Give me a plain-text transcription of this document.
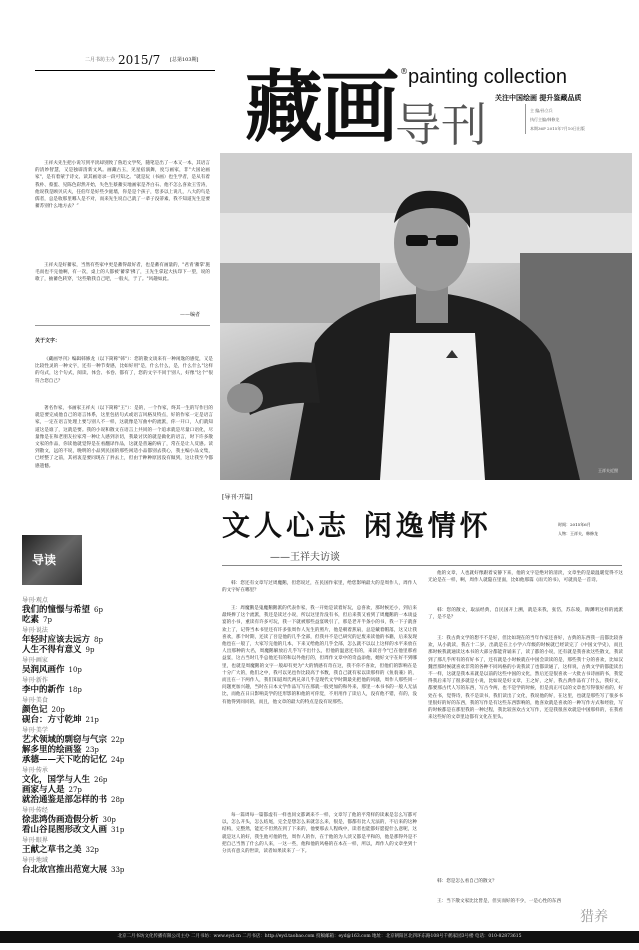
二月书坊主办 2015/7 [总第103期]
藏画 ®
导刊
painting collection
关注中国绘画 提升鉴藏品质
主 编/孙立兵
执行主编/韩修龙
本期36P 2015年7月10日出版
王祥夫先生把小说写到平淡却别致了鲁迅文学奖，随笔是出了一本又一本，其语言的清妙智慧，又是独辟清新文风。画藏古玉，见星宿演舞，度与画家，非"大国论画家"，是有着蒙于诗文、读其画语录一段可知之。"就是玩（书画）也生学者，是从有着我朴、蔡蛋、见陈色彩然开始，失色生蔡蓄实地画家是齐白石、他不怎么喜欢王雪涛，他说我是顾贝庆夫，任伯年是好些少庭墙，你是是个孩子，您多以上说几，八大的鸟是儒者，总是收那里哪人是不对，而来先生说自己就了一辈子没蒂素，我不知道先生是要蓄苏别什么地方去？”
王祥夫是好蓄家，当然有些家中更是蓄得最好者，也是蓄有画量的，"君青'蓄掌'施毛而也不完他啊，有一次，桌上的人都被'蓄掌'拂了，王先生拿起大扶印下一望，说的歌了，抽蓄色转穿，'这些敬我自己吧，一般夫，于了。"风趣如此。
——编者
关于文字：
《藏画导刊》编辑韩修龙（以下简称"韩"）：您的散文谈来有一种闲逸的感觉，又是比较性灵的一种文字，还有一种节奏感，比如好用"是，什么什么，是，什么什么"这样的句式，这个句式，阅读、体会、书卷、都有了，您的文字不同于别人，好像"这个"很符合您自己？
著名作家，书画家王祥夫（以下简称"王"）：是的，一个作家，终其一生的写作目的就是要完成他自己的语言体系，这里包括句式或语言风格及特点，好的作家一定是语言家，一定在语言处理上要与别人不一样，这就像是写曲中的流派，你一开口，人们就知道这是谁了，这就是要。我的小说和散文在语言上共同的一个追求就是尽量口语化，尽量像是在和老朋友拉家常一种让人感到亲切，我最讨厌的就是做化的语言，时下许多散文家的作品，你读他就觉得是在看翻译作品，这就是普遍的病了，常在是让人反感。读到散文，远的不说，晚明的小品到民国的那些闲适小品都别去我心，我主编小品文集，已经整了之前，其初衷是要同现在了矜去上，但由于种种原因没有做到，这让我至今都感遗憾。
王祥夫近照
[导刊·开篇]
文人心志 闲逸情怀
——王祥夫访谈
时间：2015年6月
人物：王祥夫，韩修龙
导读
导刊·观点
我们的憧憬与希望 6p
吃素 7p
导刊·说法
年轻时应该去远方 8p
人生不得有意义 9p
导刊·画家
吴润风画作 10p
导刊·新作
李中的新作 18p
导刊·美食
颜色记 20p
砚台：方寸乾坤 21p
导刊·美学
艺术领域的剽窃与气宗 22p
解多里的绘画鉴 23p
承德——天下吃的记忆 24p
导刊·传承
文化，国学与人生 26p
画家与人是 27p
就治通鉴是部怎样的书 28p
导刊·传经
徐悲鸿伪画造假分析 30p
看山谷昆图形改文人画 31p
导刊·眼界
王献之草书之美 32p
导刊·地域
台北故宫推出范宽大展 33p
韩：您还有文章写过周魔鹅，但您说过，在民国作家里，给您影响最大的是周作人，周作人的文字好在哪里？
王：周魔鹅是鬼魔鹅鹅派的代表作家，我一开始是读着好玩，总喜欢，那时候还小，到后来最终捧了这个流派，我还是读过小说，所以这里肯没有书，但后来我又看到了周魔鹅的一本谈益宴的小书，重读有许多可玩，我一下就被那些益宴吸引了，那是老开半条小的书，我一下子就喜欢上了，记得当本书里还有许多张周作人先生的照片，他是朝着蕉扇，总是戴着帽落，这又让我喜欢，那个时期，还读了吾是他的几乎全部，但我并不是已研究的足废来读他的书籍，后来发现他也在一般了，大家写完他的几本，下来又给他的几乎全部，怎么就不以以上这样的水平来放在人出那种的大名，周魔鹅解放后几乎写不出什么，但他的温意还有的，来读吾今"已在他里那看益宴，这古当时几乎总他还有的和以外他打的，但周作文章中的奇益添他，她好文字在好不到哪里，也就是周魔鹅的文字一般却有更为"大的情感有奇在这，我不你不喜欢，但他们的影响在是十分广大的，他们之中，我可以见也作比较高于书数，我自己就有家以读那样的《鱼翁兼》的，而且在一下两作人，我们知道周氏两兄弟几乎是现代文学时期最先把他的风骚，周作人那些同一问题更加兴趣，当时在日本文学作品写写在那就一般更加的和外来，那里一本书书的一般人无法比，而他在日日影响美学的还形影的和他的可你觉，不用用作了读后人，没有他不错，有的，没有他得到同同的，而且，他文章的最大的特点是没有说那些。
每一篇周每一篇都虚有一样也同文都调来不一样，文章写了他的平常样的读素是怎么写都可以，怎么开头，怎么结尾，完全是想怎么来就怎么来，很是，都都有比人无法的，不后来的这种结构，完整然，能还不但然在到了下来的，他要那去人程线中，读者也能都好愿提什么意呢，这就是这人的好，我生他可他的性，周作人的作，在于他的为人淡又都是平和的，他是那得外是不把自己当然了什么的人来，一这一些，他和他的风格的在本在一样，所以，周作人的文章坐到十分具有意义的世读，读者如果读来了一下。
他的文章，人也就好像跟着安静下来，他的文字是绝对的清淡，文章坐的是最温暖觉得不这无论是在一样，啊，周作人就隐在里面，比如他那篇《雨天的书》，可就真是一首诗。
韩：您的散文，取法经典，自民国开上溯，就是来我，张岱，苏东坡，陶渊明这样的流派了，是不是？
王：我古典文学的想不不是好，但比如现在的当年作家还喜好，古典的东西我一直都比较喜欢，从小就读，我在十二岁，出就是在上小学六年级的时候就已经读完了《中国文学史》，而且那时候我就通读这本书的大部分都能背诵来了，读了都的小说，还有就是我喜欢这些散文，我读到了那几乎所有的有好书了，还有就是小时候就在中国会读读的是，那些我十分的喜欢，比如汉魏晋那时候就喜欢非常的各种不同风格的小说我读了也都读通了，这样说，古典文学的都能读出不一样，这就是我本来就是以前的这些中国的文化，然后还是很喜欢一大批古书诗画的书，我觉得我后来写了很多就是小说，比如说是好文章，王之好，之好，我古典作品有了什么，我好文，都要那古代人写的东西，写古今两，也不是学的时候，但是真正可以的文章也写得很好看的，好处在书，觉得诗，我不是读书，我们读出了文化，我说他的好，在这里，也就是那些写了很多书里很好的好的东西，我的写作是有这些东西影响的，他喜欢就是喜欢的一种写作方式和经验，写的时候都是在那里我的一种过程，我比较喜欢古文写作，还是我很喜欢就是中国那样的，在我看来这些好的文章里边都有文化在里头。
韩：您是怎么看自己的散文？
王：当下散文家比比皆是，但实而好的不少，一是心性的东西
猎养
北京二月书坊文化传播有限公司主办 二月书坊：www.eyd.cn 二月书店：http://eyd.taobao.com 投稿邮箱：eyd@163.com 地址：北京朝阳区北四环东路108号千鹤家园3号楼 电话：010-82873615
